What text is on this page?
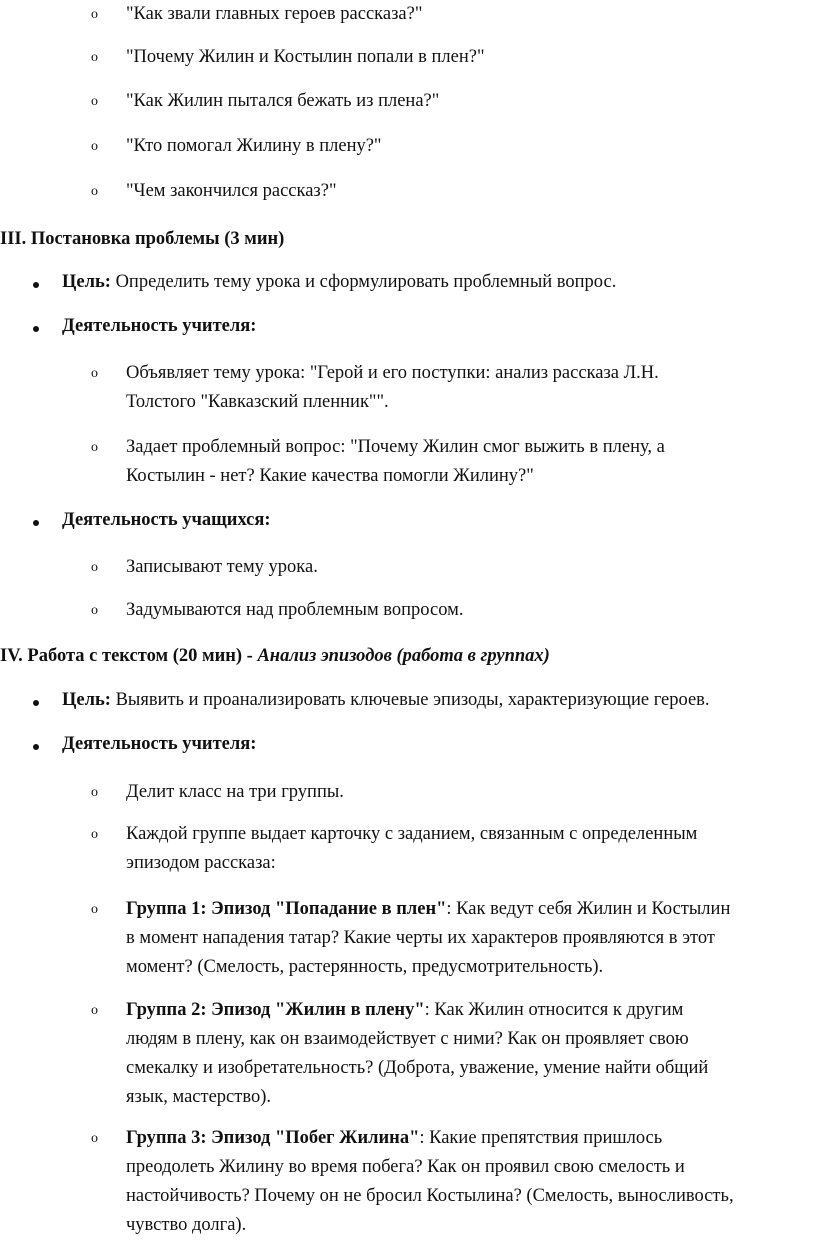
o "Как звали главных героев рассказа?"
o "Почему Жилин и Костылин попали в плен?"
o "Как Жилин пытался бежать из плена?"
o "Кто помогал Жилину в плену?"
o "Чем закончился рассказ?"
III. Постановка проблемы (3 мин)
Цель: Определить тему урока и сформулировать проблемный вопрос.
Деятельность учителя:
o Объявляет тему урока: "Герой и его поступки: анализ рассказа Л.Н.
Толстого "Кавказский пленник"".
o Задает проблемный вопрос: "Почему Жилин смог выжить в плену, а
Костылин - нет? Какие качества помогли Жилину?"
Деятельность учащихся:
o Записывают тему урока.
o Задумываются над проблемным вопросом.
IV. Работа с текстом (20 мин) - Анализ эпизодов (работа в группах)
Цель: Выявить и проанализировать ключевые эпизоды, характеризующие героев.
Деятельность учителя:
o Делит класс на три группы.
o Каждой группе выдает карточку с заданием, связанным с определенным
эпизодом рассказа:
o Группа 1: Эпизод "Попадание в плен": Как ведут себя Жилин и Костылин
в момент нападения татар? Какие черты их характеров проявляются в этот
момент? (Смелость, растерянность, предусмотрительность).
o Группа 2: Эпизод "Жилин в плену": Как Жилин относится к другим
людям в плену, как он взаимодействует с ними? Как он проявляет свою
смекалку и изобретательность? (Доброта, уважение, умение найти общий
язык, мастерство).
o Группа 3: Эпизод "Побег Жилина": Какие препятствия пришлось
преодолеть Жилину во время побега? Как он проявил свою смелость и
настойчивость? Почему он не бросил Костылина? (Смелость, выносливость,
чувство долга).
